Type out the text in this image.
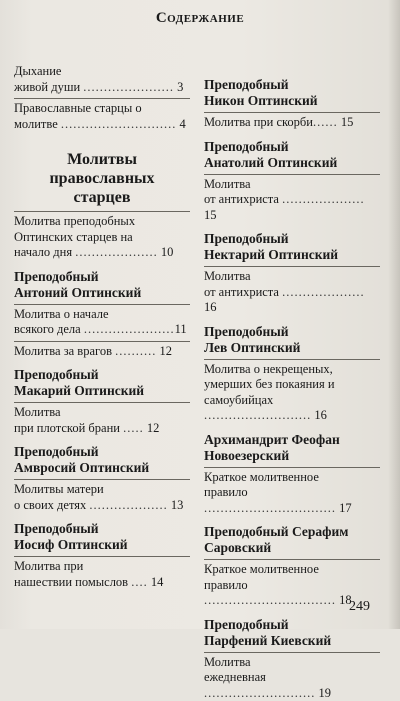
Содержание
Дыхание
живой души ...................... 3
Православные старцы о
молитве ............................ 4
Молитвы
православных
старцев
Молитва преподобных
Оптинских старцев на
начало дня .................... 10
Преподобный
Антоний Оптинский
Молитва о начале
всякого дела ......................11
Молитва за врагов .......... 12
Преподобный
Макарий Оптинский
Молитва
при плотской брани ..... 12
Преподобный
Амвросий Оптинский
Молитвы матери
о своих детях ................... 13
Преподобный
Иосиф Оптинский
Молитва при
нашествии помыслов .... 14
Преподобный
Никон Оптинский
Молитва при скорби...... 15
Преподобный
Анатолий Оптинский
Молитва
от антихриста .................... 15
Преподобный
Нектарий Оптинский
Молитва
от антихриста .................... 16
Преподобный
Лев Оптинский
Молитва о некрещеных,
умерших без покаяния и
самоубийцах .......................... 16
Архимандрит Феофан
Новоезерский
Краткое молитвенное
правило ................................ 17
Преподобный Серафим
Саровский
Краткое молитвенное
правило ................................ 18
Преподобный
Парфений Киевский
Молитва
ежедневная ........................... 19
249
